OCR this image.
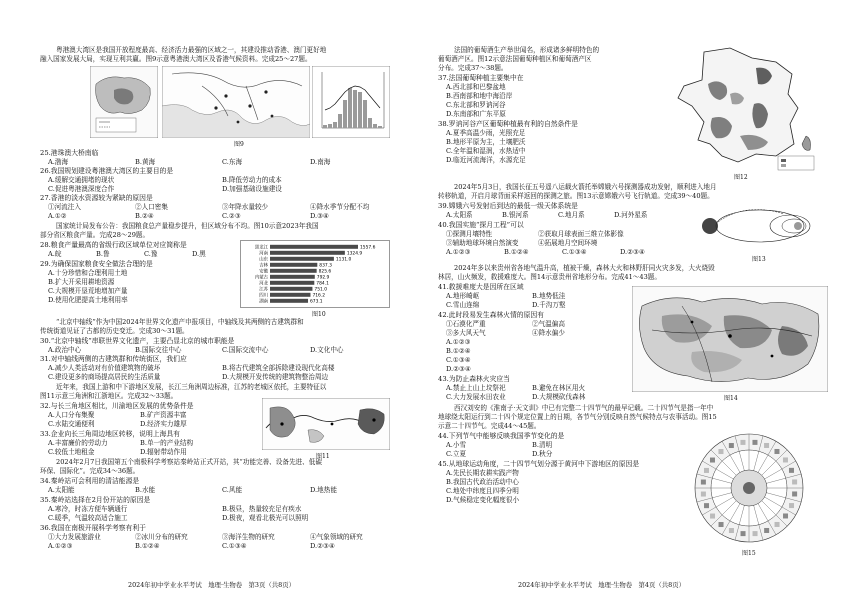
粤港澳大湾区是我国开放程度最高、经济活力最强的区域之一，其建设推动香港、澳门更好地
融入国家发展大局，实现互利共赢。图9示意粤港澳大湾区及香港气候资料。完成25～27题。
图9
25.港珠澳大桥南临
A.渤海	B.黄海	C.东海	D.南海
26.我国规划建设粤港澳大湾区的主要目的是
A.缓解交通拥堵的现状	B.降低劳动力的成本
C.促进粤港澳深度合作	D.加强基础设施建设
27.香港的淡水资源较为紧缺的原因是
①河流注入	②人口密集	③年降水量较少	④降水季节分配不均
A.①②	B.②④	C.②③	D.③④
国家统计局发布公告：我国粮食总产量稳步提升，但区域分布不均。图10示意2023年我国
部分省区粮食产量。完成28～29题。
28.粮食产量最高的省级行政区域单位对应简称是
A.皖	B.鲁	C.豫	D.黑
29.为确保国家粮食安全做法合理的是
A.十分珍惜和合理利用土地
B.扩大开采用耕地资源
C.大规模开垦荒地增加产量
D.使用化肥提高土地利用率
黑龙江	1557.6
河南	1324.9
山东	1131.0
吉林	837.3
安徽	825.6
内蒙古	792.9
河北	784.1
江苏	751.0
四川	716.2
湖南	673.1
图10
“北京中轴线”作为中国2024年世界文化遗产申报项目，中轴线及其两侧的古建筑群和
传统街道见证了古都的历史变迁。完成30～31题。
30.“北京中轴线”串联世界文化遗产，主要凸显北京的城市职能是
A.政治中心	B.国际交往中心	C.国际交流中心	D.文化中心
31.对中轴线两侧的古建筑群和传统街区，我们应
A.减少人类活动对有价值建筑物的破坏	B.将古代建筑全部拆除建设现代化高楼
C.建设更多的商场提高居民的生活质量	D.大规模开发传统的建筑物整治周边
近年来，我国上游和中下游地区发展，长江三角洲周边标准，江苏的老城区依托，主要特征以
图11示意三角洲和江浙地区。完成32～33题。
32.与长三角地区相比，川渝地区发展的优势条件是
A.人口分布集聚	B.矿产资源丰富
C.水陆交通便利	D.经济实力雄厚
33.企业向长三角周边地区转移，说明上海具有
A.丰富廉价的劳动力	B.单一的产业结构
C.较低土地租金	D.辐射带动作用
图11
2024年2月7日我国第五个南极科学考察站秦岭站正式开站，其“功能完善、设备先进、低碳
环保、国际化”。完成34～36题。
34.秦岭站可会利用的清洁能源是
A.太阳能	B.水能	C.风能	D.地热能
35.秦岭站选择在2月份开站的原因是
A.寒冷，时冻方便车辆通行	B.极昼，热量较充足有疾水
C.暖季，气温较高适合施工	D.极夜，观看北极光可以照明
36.我国在南极开展科学考察有利于
①大力发展旅游业	②冰川分布的研究	③海洋生物的研究	④气象领域的研究
A.①②③	B.①②④	C.①③④	D.②③④
2024年初中学业水平考试　地理·生物卷　第3页（共8页）
法国的葡萄酒生产举世闻名，形成诸多鲜明特色的
葡萄酒产区。图12示意法国葡萄种植区和葡萄酒产区
分布。完成37～38题。
37.法国葡萄种植主要集中在
A.西北部和巴黎盆地
B.西南部和地中海沿岸
C.东北部和罗讷河谷
D.东南部和广东平原
38.罗讷河谷产区葡萄种植最有利的自然条件是
A.夏季高温少雨，光照充足
B.地形平原为主，土壤肥沃
C.全年温和湿润，水热适中
D.临近河流海洋，水源充足
图12
2024年5月3日，我国长征五号遥八运载火箭托举嫦娥六号探测器成功发射，顺利进入地月
转移轨道，开启月球背面采样返回的探测之旅。图13示意嫦娥六号飞行轨道。完成39～40题。
39.嫦娥六号发射后到达的最低一级天体系统是
A.太阳系	B.银河系	C.地月系	D.河外星系
40.我国实施“探月工程”可以
①探测月壤特性	②获取月球表面三维立体影像
③辅助地球环境自然演变	④拓展地月空间环境
A.①②③	B.①②④	C.①③④	D.②③④
图13
2024年多以来贵州省各地气温升高，植被干燥，森林大火和林野肝同火灾多发，大火烧毁
林居，山火频发，救援难度大。图14示意贵州省地形分布。完成41～43题。
41.救援难度大是因所在区域
A.地形崎岖	B.地势低洼
C.雪山连绵	D.千沟万壑
42.此时段易发生森林火情的原因有
①石漠化严重	②气温偏高
③多大风天气	④降水偏少
A.①②③
B.①②④
C.①③④
D.②③④
43.为防止森林火灾应当
A.禁止上山上坟祭祀	B.避免在林区用火
C.大力发展水田农业	D.大规模砍伐森林	图14
西汉刘安的《淮南子·天文训》中已有完整二十四节气的最早记载。二十四节气是指一年中
地球绕太阳运行到二十四个规定位置上的日期，各节气分别反映自然气候特点与农事活动。图15
示意二十四节气。完成44～45题。
44.下列节气中能够反映我国季节变化的是
A.小雪	B.清明
C.立夏	D.秋分
45.从地球运动角度，二十四节气划分源于黄河中下游地区的原因是
A.先民长期农耕实践产物
B.我国古代政治活动中心
C.地处中纬度且四季分明
D.气候稳定变化幅度很小
图15
2024年初中学业水平考试　地理·生物卷　第4页（共8页）
